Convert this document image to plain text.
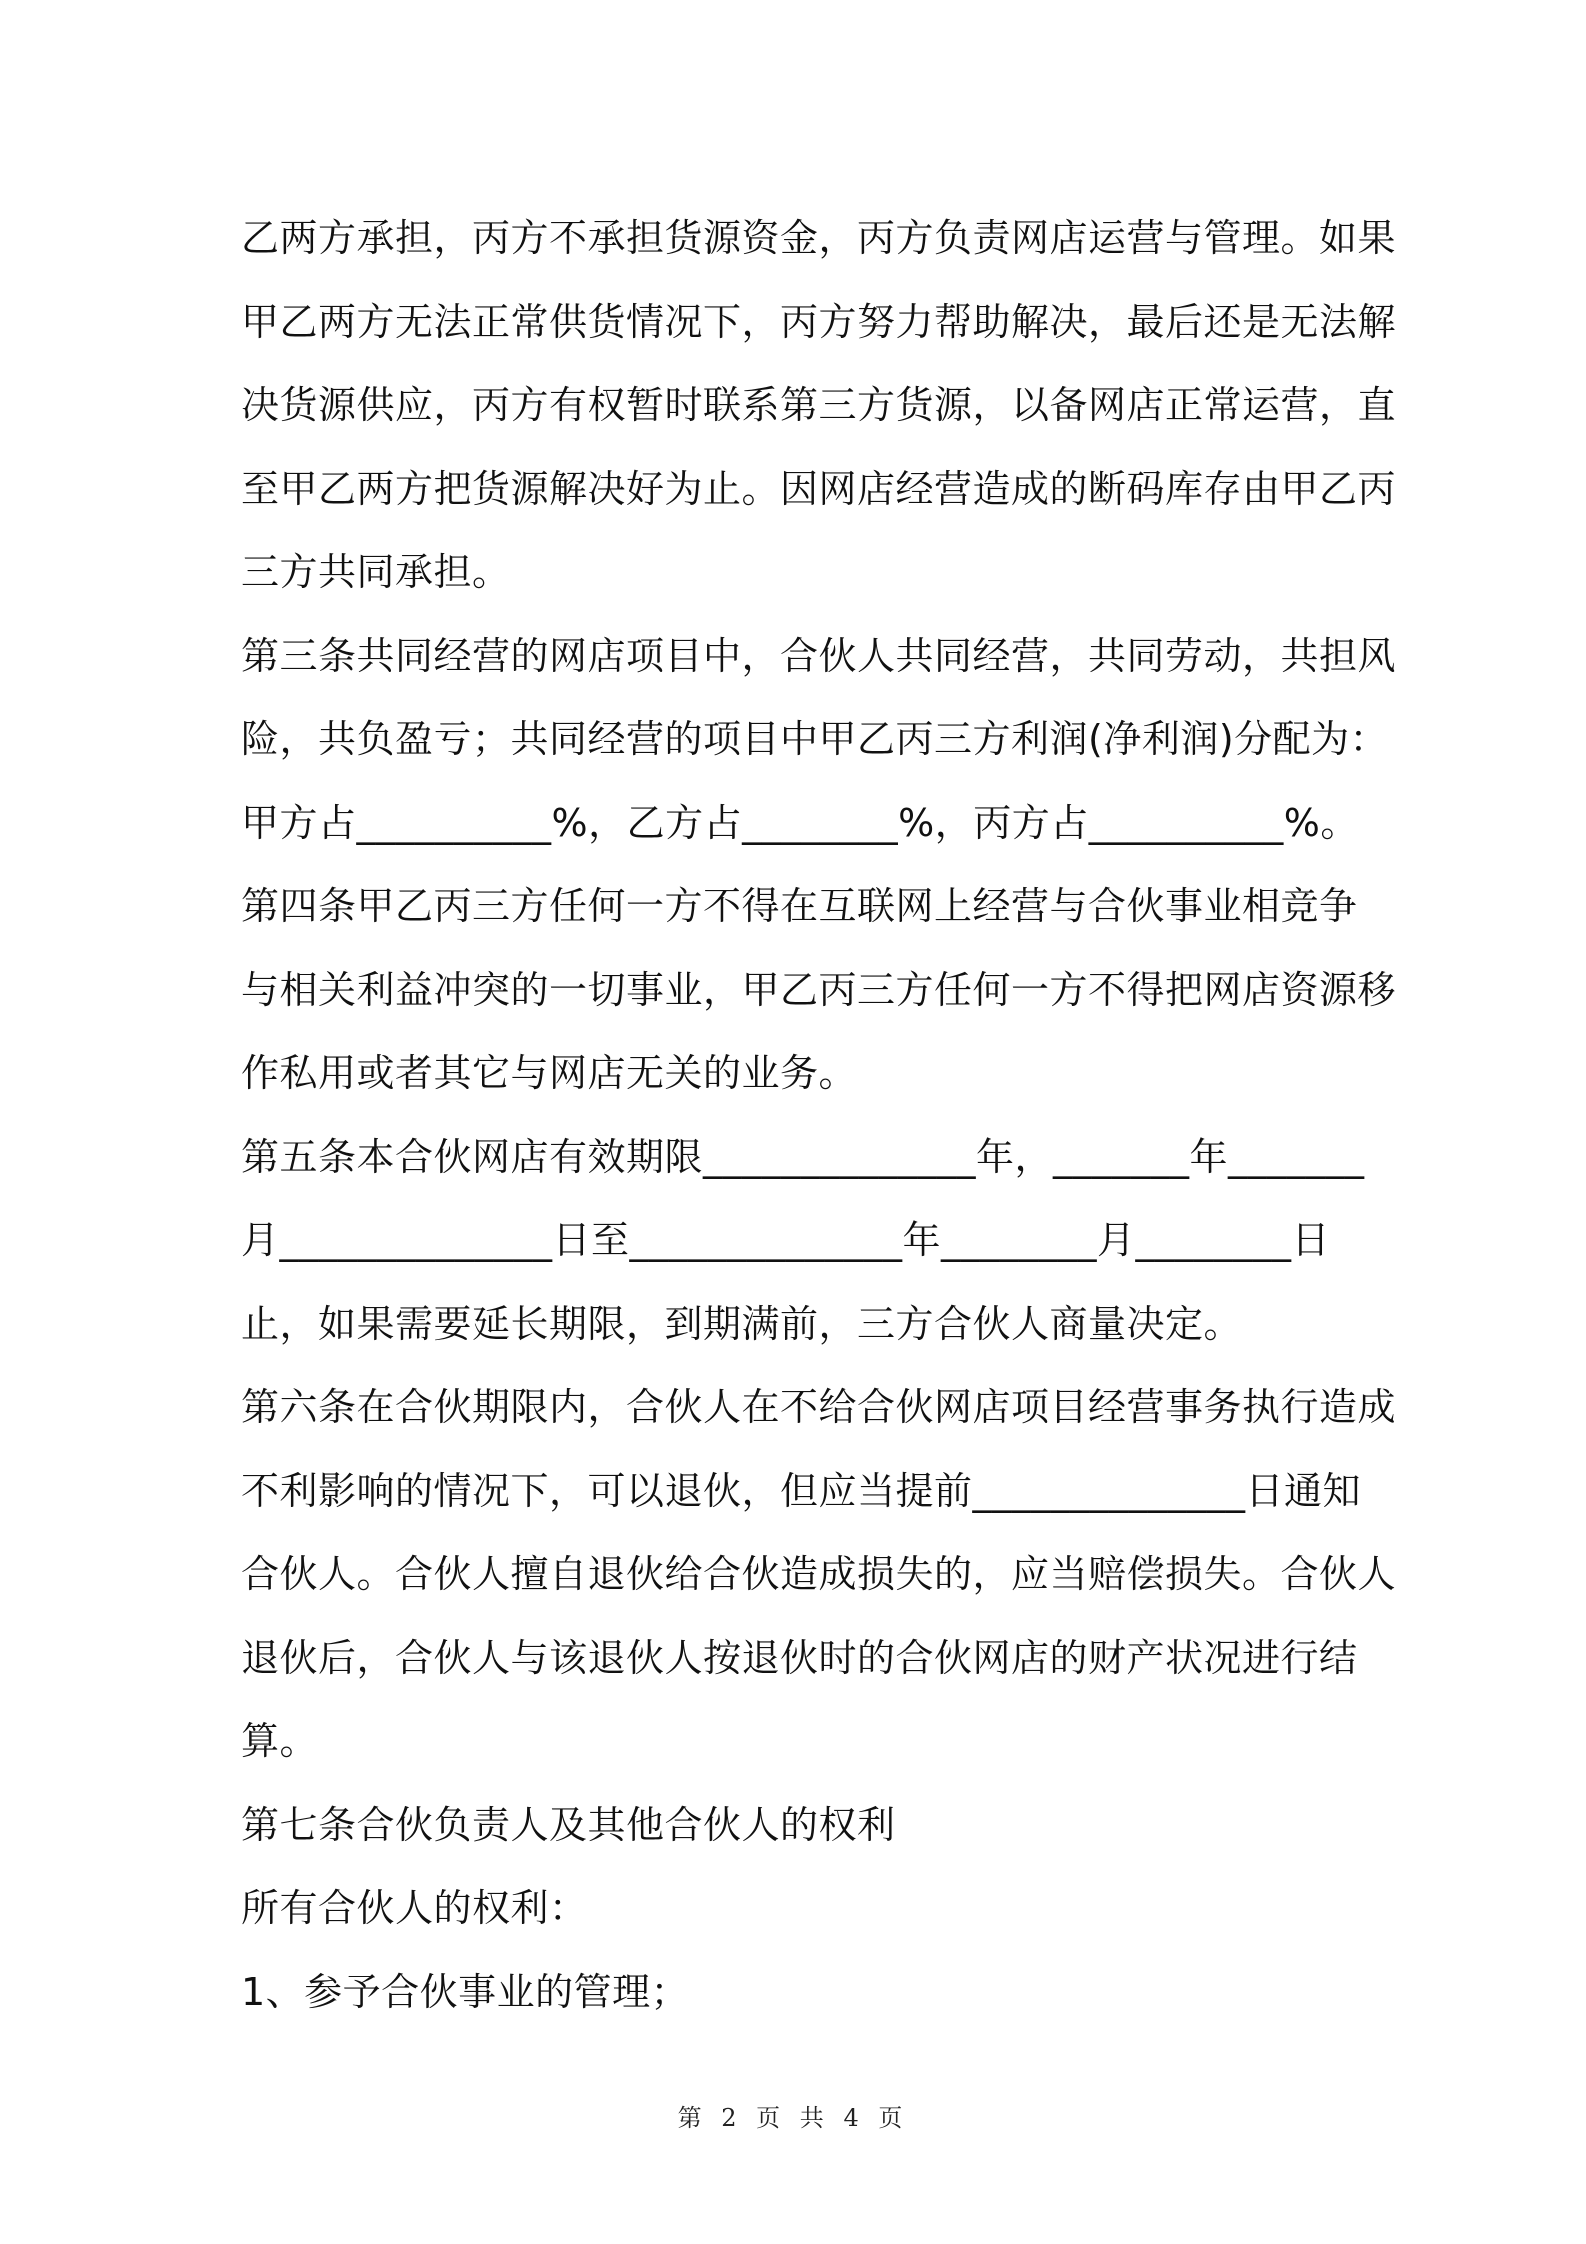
乙两方承担，丙方不承担货源资金，丙方负责网店运营与管理。如果
甲乙两方无法正常供货情况下，丙方努力帮助解决，最后还是无法解
决货源供应，丙方有权暂时联系第三方货源，以备网店正常运营，直
至甲乙两方把货源解决好为止。因网店经营造成的断码库存由甲乙丙
三方共同承担。
第三条共同经营的网店项目中，合伙人共同经营，共同劳动，共担风
险，共负盈亏；共同经营的项目中甲乙丙三方利润(净利润)分配为：
甲方占__________%，乙方占________%，丙方占__________%。
第四条甲乙丙三方任何一方不得在互联网上经营与合伙事业相竞争
与相关利益冲突的一切事业，甲乙丙三方任何一方不得把网店资源移
作私用或者其它与网店无关的业务。
第五条本合伙网店有效期限______________年，_______年_______
月______________日至______________年________月________日
止，如果需要延长期限，到期满前，三方合伙人商量决定。
第六条在合伙期限内，合伙人在不给合伙网店项目经营事务执行造成
不利影响的情况下，可以退伙，但应当提前______________日通知
合伙人。合伙人擅自退伙给合伙造成损失的，应当赔偿损失。合伙人
退伙后，合伙人与该退伙人按退伙时的合伙网店的财产状况进行结
算。
第七条合伙负责人及其他合伙人的权利
所有合伙人的权利：
1、参予合伙事业的管理；
第 2 页 共 4 页
